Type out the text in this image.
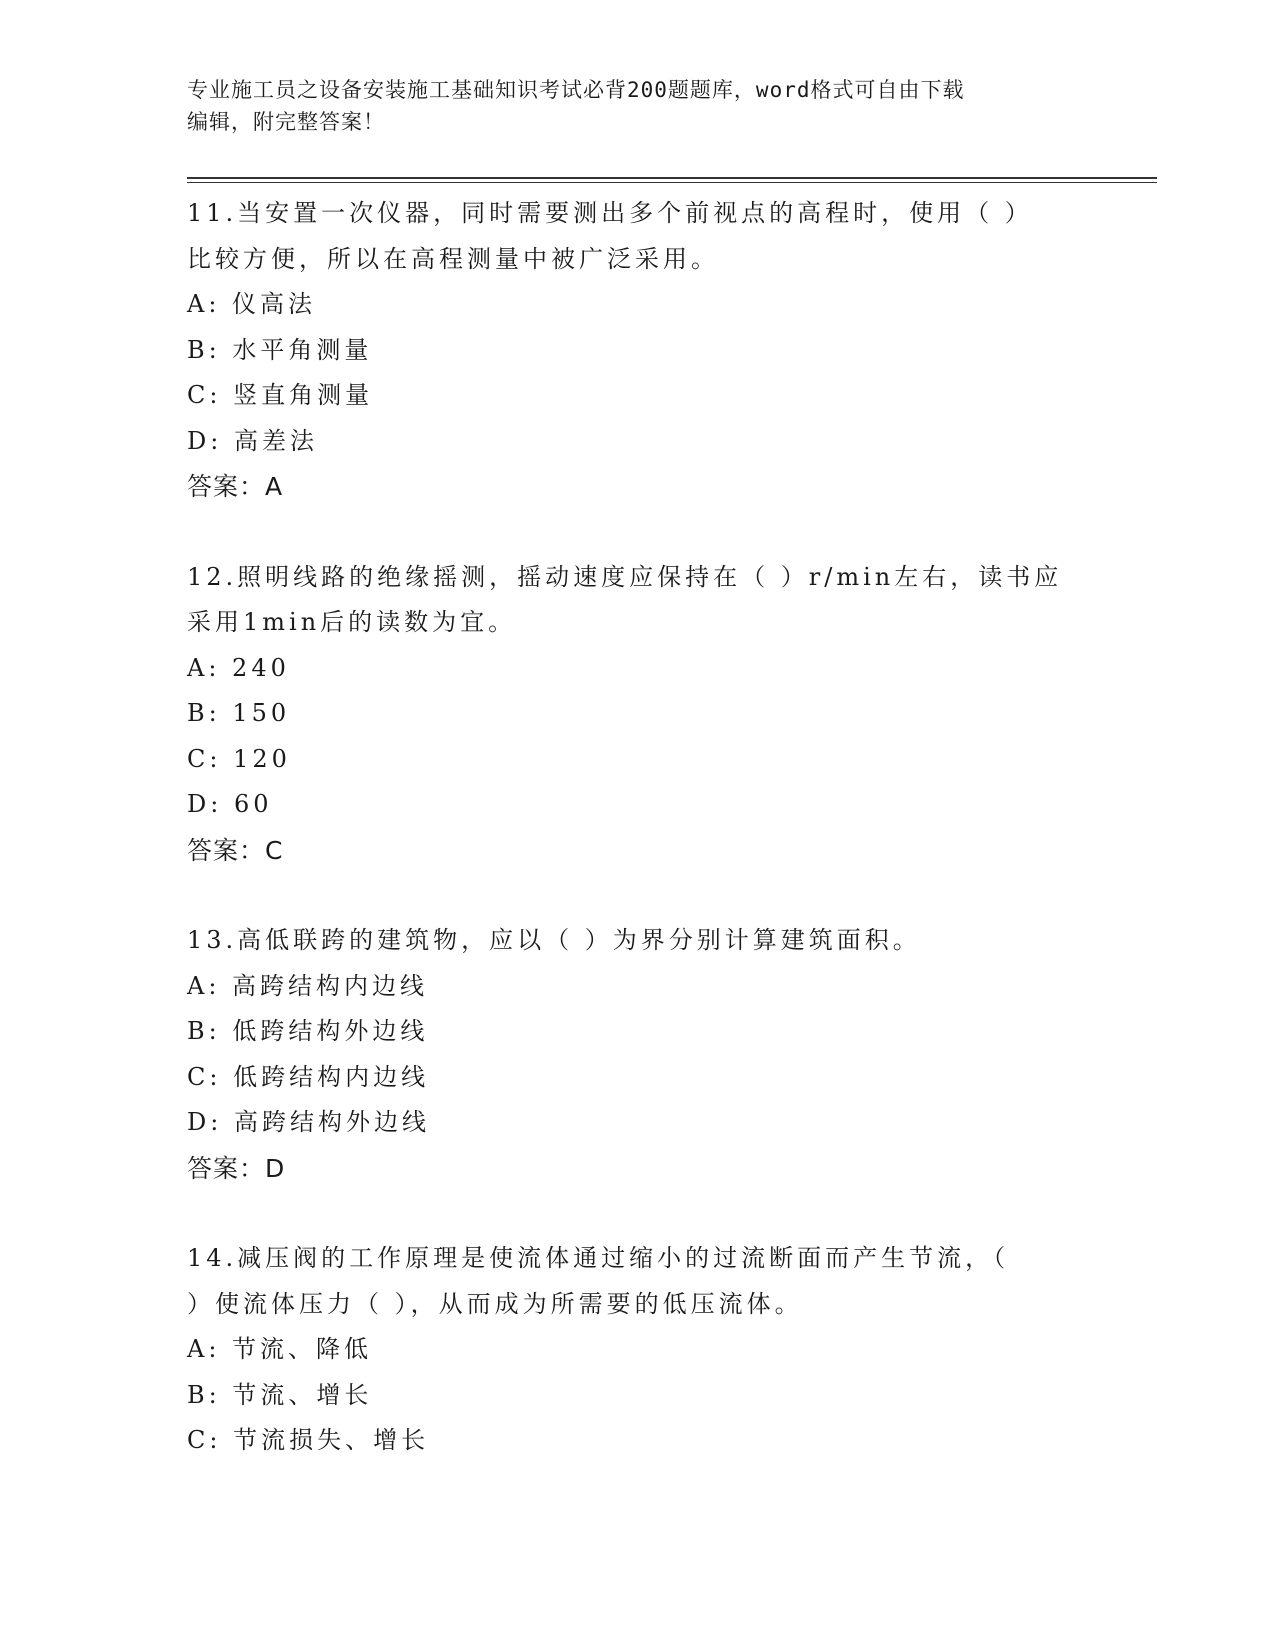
专业施工员之设备安装施工基础知识考试必背200题题库，word格式可自由下载
编辑，附完整答案！
11.当安置一次仪器，同时需要测出多个前视点的高程时，使用（ ）
比较方便，所以在高程测量中被广泛采用。
A: 仪高法
B: 水平角测量
C: 竖直角测量
D: 高差法
答案：A
12.照明线路的绝缘摇测，摇动速度应保持在（ ）r/min左右，读书应
采用1min后的读数为宜。
A: 240
B: 150
C: 120
D: 60
答案：C
13.高低联跨的建筑物，应以（ ）为界分别计算建筑面积。
A: 高跨结构内边线
B: 低跨结构外边线
C: 低跨结构内边线
D: 高跨结构外边线
答案：D
14.减压阀的工作原理是使流体通过缩小的过流断面而产生节流，（
）使流体压力（ ），从而成为所需要的低压流体。
A: 节流、降低
B: 节流、增长
C: 节流损失、增长
